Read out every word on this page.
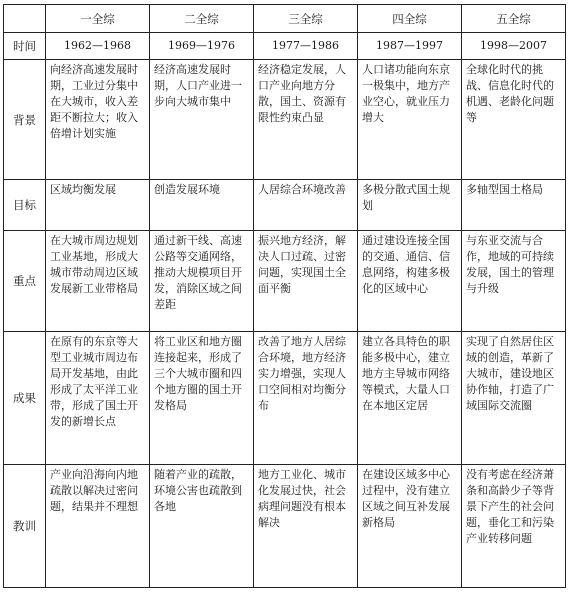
	一全综	二全综	三全综	四全综	五全综
时间	1962—1968	1969—1976	1977—1986	1987—1997	1998—2007
背景	向经济高速发展时期，工业过分集中在大城市，收入差距不断拉大；收入倍增计划实施	经济高速发展时期，人口产业进一步向大城市集中	经济稳定发展，人口产业向地方分散，国土、资源有限性约束凸显	人口诸功能向东京一极集中，地方产业空心，就业压力增大	全球化时代的挑战、信息化时代的机遇、老龄化问题等
目标	区域均衡发展	创造发展环境	人居综合环境改善	多极分散式国土规划	多轴型国土格局
重点	在大城市周边规划工业基地，形成大城市带动周边区域发展新工业带格局	通过新干线、高速公路等交通网络，推动大规模项目开发，消除区域之间差距	振兴地方经济，解决人口过疏、过密问题，实现国土全面平衡	通过建设连接全国的交通、通信、信息网络，构建多极化的区域中心	与东亚交流与合作，地域的可持续发展，国土的管理与升级
成果	在原有的东京等大型工业城市周边布局开发基地，由此形成了太平洋工业带，形成了国土开发的新增长点	将工业区和地方圈连接起来，形成了三个大城市圈和四个地方圈的国土开发格局	改善了地方人居综合环境，地方经济实力增强，实现人口空间相对均衡分布	建立各具特色的职能多极中心，建立地方主导城市网络等模式，大量人口在本地区定居	实现了自然居住区域的创造，革新了大城市，建设地区协作轴，打造了广域国际交流圈
教训	产业向沿海向内地疏散以解决过密问题，结果并不理想	随着产业的疏散，环境公害也疏散到各地	地方工业化、城市化发展过快，社会病理问题没有根本解决	在建设区域多中心过程中，没有建立区域之间互补发展新格局	没有考虑在经济萧条和高龄少子等背景下产生的社会问题，垂化工和污染产业转移问题
